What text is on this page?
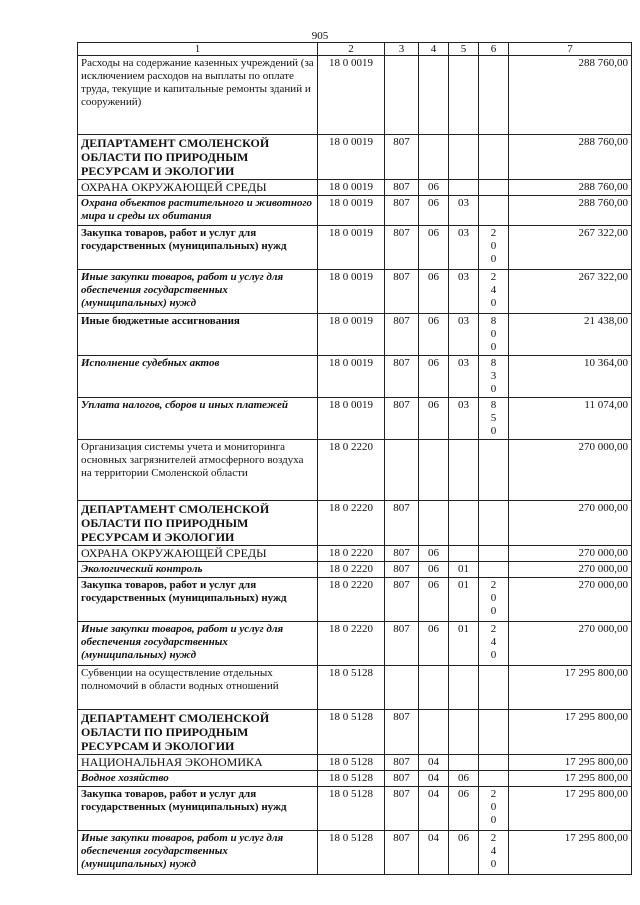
905
1	2	3	4	5	6	7
Расходы на содержание казенных учреждений (за исключением расходов на выплаты по оплате труда, текущие и капитальные ремонты зданий и сооружений)	18 0 0019					288 760,00
ДЕПАРТАМЕНТ СМОЛЕНСКОЙ ОБЛАСТИ ПО ПРИРОДНЫМ РЕСУРСАМ И ЭКОЛОГИИ	18 0 0019	807				288 760,00
ОХРАНА ОКРУЖАЮЩЕЙ СРЕДЫ	18 0 0019	807	06			288 760,00
Охрана объектов растительного и животного мира и среды их обитания	18 0 0019	807	06	03		288 760,00
Закупка товаров, работ и услуг для государственных (муниципальных) нужд	18 0 0019	807	06	03	200	267 322,00
Иные закупки товаров, работ и услуг для обеспечения государственных (муниципальных) нужд	18 0 0019	807	06	03	240	267 322,00
Иные бюджетные ассигнования	18 0 0019	807	06	03	800	21 438,00
Исполнение судебных актов	18 0 0019	807	06	03	830	10 364,00
Уплата налогов, сборов и иных платежей	18 0 0019	807	06	03	850	11 074,00
Организация системы учета и мониторинга основных загрязнителей атмосферного воздуха на территории Смоленской области	18 0 2220					270 000,00
ДЕПАРТАМЕНТ СМОЛЕНСКОЙ ОБЛАСТИ ПО ПРИРОДНЫМ РЕСУРСАМ И ЭКОЛОГИИ	18 0 2220	807				270 000,00
ОХРАНА ОКРУЖАЮЩЕЙ СРЕДЫ	18 0 2220	807	06			270 000,00
Экологический контроль	18 0 2220	807	06	01		270 000,00
Закупка товаров, работ и услуг для государственных (муниципальных) нужд	18 0 2220	807	06	01	200	270 000,00
Иные закупки товаров, работ и услуг для обеспечения государственных (муниципальных) нужд	18 0 2220	807	06	01	240	270 000,00
Субвенции на осуществление отдельных полномочий в области водных отношений	18 0 5128					17 295 800,00
ДЕПАРТАМЕНТ СМОЛЕНСКОЙ ОБЛАСТИ ПО ПРИРОДНЫМ РЕСУРСАМ И ЭКОЛОГИИ	18 0 5128	807				17 295 800,00
НАЦИОНАЛЬНАЯ ЭКОНОМИКА	18 0 5128	807	04			17 295 800,00
Водное хозяйство	18 0 5128	807	04	06		17 295 800,00
Закупка товаров, работ и услуг для государственных (муниципальных) нужд	18 0 5128	807	04	06	200	17 295 800,00
Иные закупки товаров, работ и услуг для обеспечения государственных (муниципальных) нужд	18 0 5128	807	04	06	240	17 295 800,00
